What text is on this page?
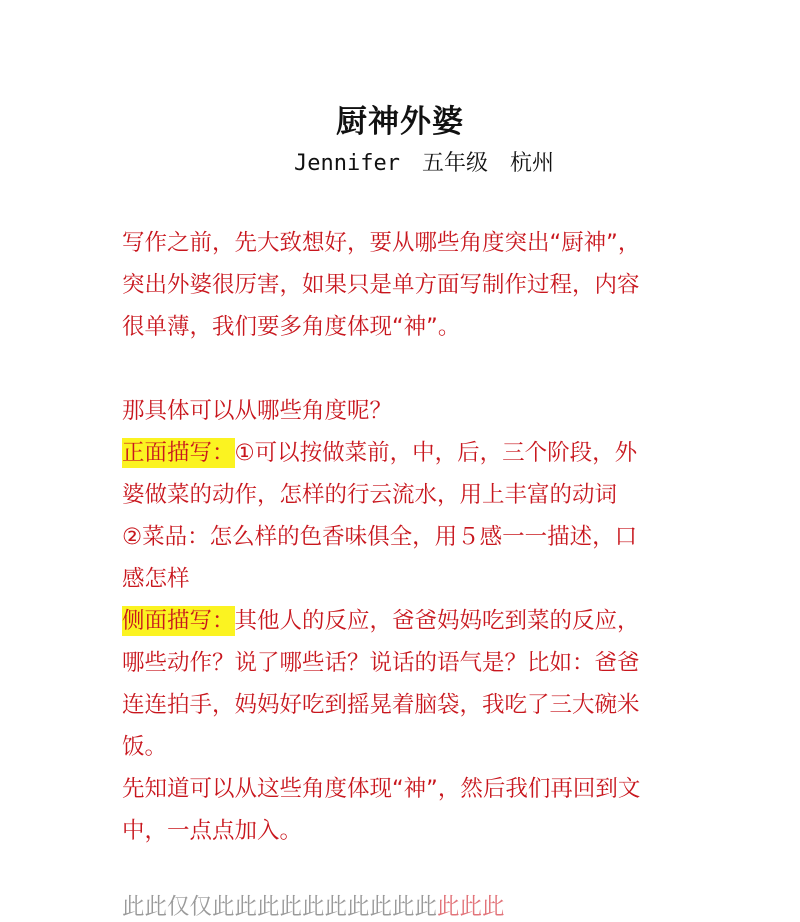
厨神外婆
Jennifer 五年级 杭州
写作之前，先大致想好，要从哪些角度突出“厨神”，
突出外婆很厉害，如果只是单方面写制作过程，内容
很单薄，我们要多角度体现“神”。
那具体可以从哪些角度呢？
正面描写：①可以按做菜前，中，后，三个阶段，外
婆做菜的动作，怎样的行云流水，用上丰富的动词
②菜品：怎么样的色香味俱全，用５感一一描述，口
感怎样
侧面描写：其他人的反应，爸爸妈妈吃到菜的反应，
哪些动作？说了哪些话？说话的语气是？比如：爸爸
连连拍手，妈妈好吃到摇晃着脑袋，我吃了三大碗米
饭。
先知道可以从这些角度体现“神”，然后我们再回到文
中，一点点加入。
此此仅仅此此此此此此此此此此此此此
